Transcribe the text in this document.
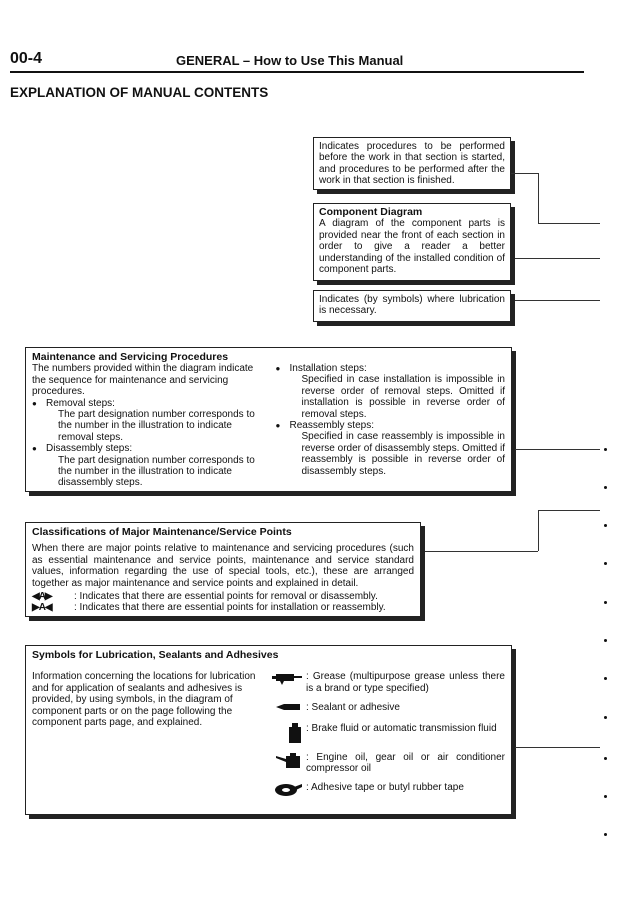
00-4	GENERAL – How to Use This Manual
EXPLANATION OF MANUAL CONTENTS

Indicates procedures to be performed before the work in that section is started, and procedures to be performed after the work in that section is finished.

Component Diagram

A diagram of the component parts is provided near the front of each section in order to give a reader a better understanding of the installed condition of component parts.

Indicates (by symbols) where lubrication is necessary.

Maintenance and Servicing Procedures

The numbers provided within the diagram indicate the sequence for maintenance and servicing procedures.

● Removal steps:

The part designation number corresponds to the number in the illustration to indicate removal steps.

● Disassembly steps:

The part designation number corresponds to the number in the illustration to indicate disassembly steps.

● Installation steps:

Specified in case installation is impossible in reverse order of removal steps. Omitted if installation is possible in reverse order of removal steps.

● Reassembly steps:

Specified in case reassembly is impossible in reverse order of disassembly steps. Omitted if reassembly is possible in reverse order of disassembly steps.

Classifications of Major Maintenance/Service Points

When there are major points relative to maintenance and servicing procedures (such as essential maintenance and service points, maintenance and service standard values, information regarding the use of special tools, etc.), these are arranged together as major maintenance and service points and explained in detail.

◀A▶	: Indicates that there are essential points for removal or disassembly.
▶A◀	: Indicates that there are essential points for installation or reassembly.

Symbols for Lubrication, Sealants and Adhesives

Information concerning the locations for lubrication and for application of sealants and adhesives is provided, by using symbols, in the diagram of component parts or on the page following the component parts page, and explained.

: Grease (multipurpose grease unless there is a brand or type specified)
: Sealant or adhesive
: Brake fluid or automatic transmission fluid
: Engine oil, gear oil or air conditioner compressor oil
: Adhesive tape or butyl rubber tape
